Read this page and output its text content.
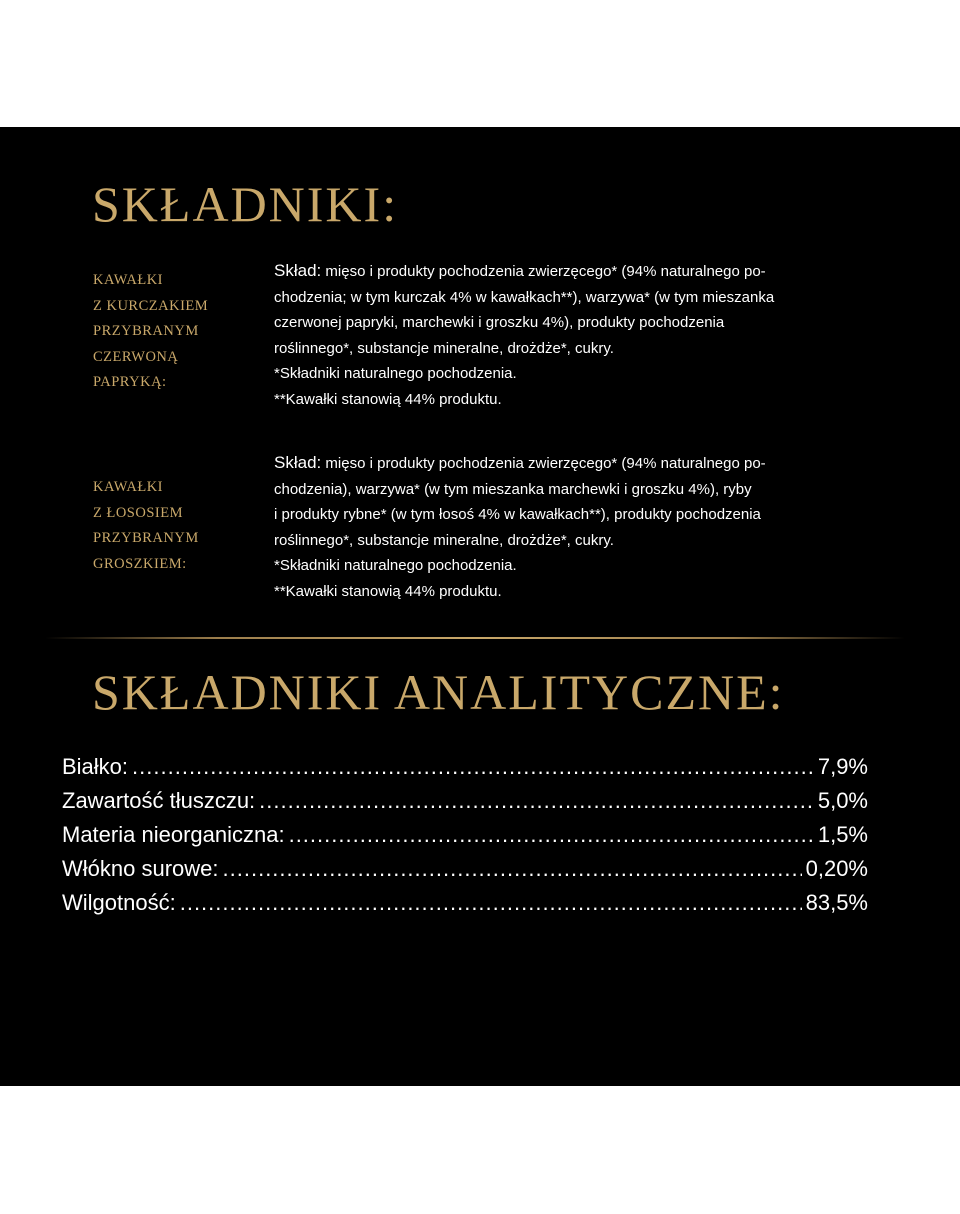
SKŁADNIKI:
KAWAŁKI
Z KURCZAKIEM
PRZYBRANYM
CZERWONĄ
PAPRYKĄ:
Skład: mięso i produkty pochodzenia zwierzęcego* (94% naturalnego po-
chodzenia; w tym kurczak 4% w kawałkach**), warzywa* (w tym mieszanka
czerwonej papryki, marchewki i groszku 4%), produkty pochodzenia
roślinnego*, substancje mineralne, drożdże*, cukry.
*Składniki naturalnego pochodzenia.
**Kawałki stanowią 44% produktu.
KAWAŁKI
Z ŁOSOSIEM
PRZYBRANYM
GROSZKIEM:
Skład: mięso i produkty pochodzenia zwierzęcego* (94% naturalnego po-
chodzenia), warzywa* (w tym mieszanka marchewki i groszku 4%), ryby
i produkty rybne* (w tym łosoś 4% w kawałkach**), produkty pochodzenia
roślinnego*, substancje mineralne, drożdże*, cukry.
*Składniki naturalnego pochodzenia.
**Kawałki stanowią 44% produktu.
SKŁADNIKI ANALITYCZNE:
Białko: .....	7,9%
Zawartość tłuszczu: .....	5,0%
Materia nieorganiczna: .....	1,5%
Włókno surowe: .....	0,20%
Wilgotność: .....	83,5%
